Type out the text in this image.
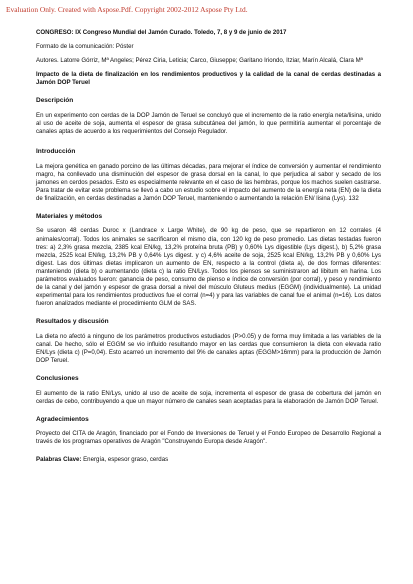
Evaluation Only. Created with Aspose.Pdf. Copyright 2002-2012 Aspose Pty Ltd.

CONGRESO: IX Congreso Mundial del Jamón Curado. Toledo, 7, 8 y 9 de junio de 2017

Formato de la comunicación: Póster

Autores. Latorre Górriz, Mª Angeles; Pérez Ciria, Leticia; Carco, Giuseppe; Garitano Iriondo, Itziar, Marín Alcalá, Clara Mª

Impacto de la dieta de finalización en los rendimientos productivos y la calidad de la canal de cerdas destinadas a Jamón DOP Teruel

Descripción

En un experimento con cerdas de la DOP Jamón de Teruel se concluyó que el incremento de la ratio energía neta/lisina, unido al uso de aceite de soja, aumenta el espesor de grasa subcutánea del jamón, lo que permitiría aumentar el porcentaje de canales aptas de acuerdo a los requerimientos del Consejo Regulador.

Introducción

La mejora genética en ganado porcino de las últimas décadas, para mejorar el índice de conversión y aumentar el rendimiento magro, ha conllevado una disminución del espesor de grasa dorsal en la canal, lo que perjudica al sabor y secado de los jamones en cerdos pesados. Esto es especialmente relevante en el caso de las hembras, porque los machos suelen castrarse. Para tratar de evitar este problema se llevó a cabo un estudio sobre el impacto del aumento de la energía neta (EN) de la dieta de finalización, en cerdas destinadas a Jamón DOP Teruel, manteniendo o aumentando la relación EN/ lisina (Lys). 132

Materiales y métodos

Se usaron 48 cerdas Duroc x (Landrace x Large White), de 90 kg de peso, que se repartieron en 12 corrales (4 animales/corral). Todos los animales se sacrificaron el mismo día, con 120 kg de peso promedio. Las dietas testadas fueron tres: a) 2,3% grasa mezcla, 2385 kcal EN/kg, 13,2% proteína bruta (PB) y 0,60% Lys digestible (Lys digest.), b) 5,2% grasa mezcla, 2525 kcal EN/kg, 13,2% PB y 0,64% Lys digest. y c) 4,6% aceite de soja, 2525 kcal EN/kg, 13,2% PB y 0,60% Lys digest. Las dos últimas dietas implicaron un aumento de EN, respecto a la control (dieta a), de dos formas diferentes: manteniendo (dieta b) o aumentando (dieta c) la ratio EN/Lys. Todos los piensos se suministraron ad libitum en harina. Los parámetros evaluados fueron: ganancia de peso, consumo de pienso e índice de conversión (por corral), y peso y rendimiento de la canal y del jamón y espesor de grasa dorsal a nivel del músculo Gluteus medius (EGGM) (individualmente). La unidad experimental para los rendimientos productivos fue el corral (n=4) y para las variables de canal fue el animal (n=16). Los datos fueron analizados mediante el procedimiento GLM de SAS.

Resultados y discusión

La dieta no afectó a ninguno de los parámetros productivos estudiados (P>0.05) y de forma muy limitada a las variables de la canal. De hecho, sólo el EGGM se vio influido resultando mayor en las cerdas que consumieron la dieta con elevada ratio EN/Lys (dieta c) (P=0,04). Esto acarreó un incremento del 9% de canales aptas (EGGM>16mm) para la producción de Jamón DOP Teruel.

Conclusiones

El aumento de la ratio EN/Lys, unido al uso de aceite de soja, incrementa el espesor de grasa de cobertura del jamón en cerdas de cebo, contribuyendo a que un mayor número de canales sean aceptadas para la elaboración de Jamón DOP Teruel.

Agradecimientos

Proyecto del CITA de Aragón, financiado por el Fondo de Inversiones de Teruel y el Fondo Europeo de Desarrollo Regional a través de los programas operativos de Aragón "Construyendo Europa desde Aragón".

Palabras Clave: Energía, espesor graso, cerdas
